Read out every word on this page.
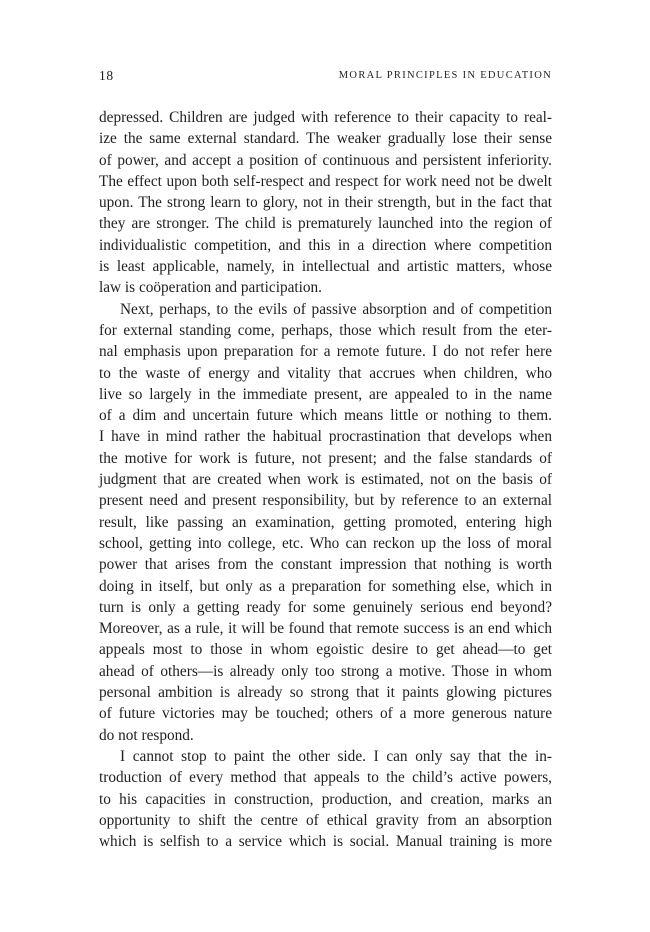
18	MORAL PRINCIPLES IN EDUCATION
depressed. Children are judged with reference to their capacity to real-
ize the same external standard. The weaker gradually lose their sense
of power, and accept a position of continuous and persistent inferiority.
The effect upon both self-respect and respect for work need not be dwelt
upon. The strong learn to glory, not in their strength, but in the fact that
they are stronger. The child is prematurely launched into the region of
individualistic competition, and this in a direction where competition
is least applicable, namely, in intellectual and artistic matters, whose
law is coöperation and participation.
Next, perhaps, to the evils of passive absorption and of competition
for external standing come, perhaps, those which result from the eter-
nal emphasis upon preparation for a remote future. I do not refer here
to the waste of energy and vitality that accrues when children, who
live so largely in the immediate present, are appealed to in the name
of a dim and uncertain future which means little or nothing to them.
I have in mind rather the habitual procrastination that develops when
the motive for work is future, not present; and the false standards of
judgment that are created when work is estimated, not on the basis of
present need and present responsibility, but by reference to an external
result, like passing an examination, getting promoted, entering high
school, getting into college, etc. Who can reckon up the loss of moral
power that arises from the constant impression that nothing is worth
doing in itself, but only as a preparation for something else, which in
turn is only a getting ready for some genuinely serious end beyond?
Moreover, as a rule, it will be found that remote success is an end which
appeals most to those in whom egoistic desire to get ahead—to get
ahead of others—is already only too strong a motive. Those in whom
personal ambition is already so strong that it paints glowing pictures
of future victories may be touched; others of a more generous nature
do not respond.
I cannot stop to paint the other side. I can only say that the in-
troduction of every method that appeals to the child’s active powers,
to his capacities in construction, production, and creation, marks an
opportunity to shift the centre of ethical gravity from an absorption
which is selfish to a service which is social. Manual training is more
